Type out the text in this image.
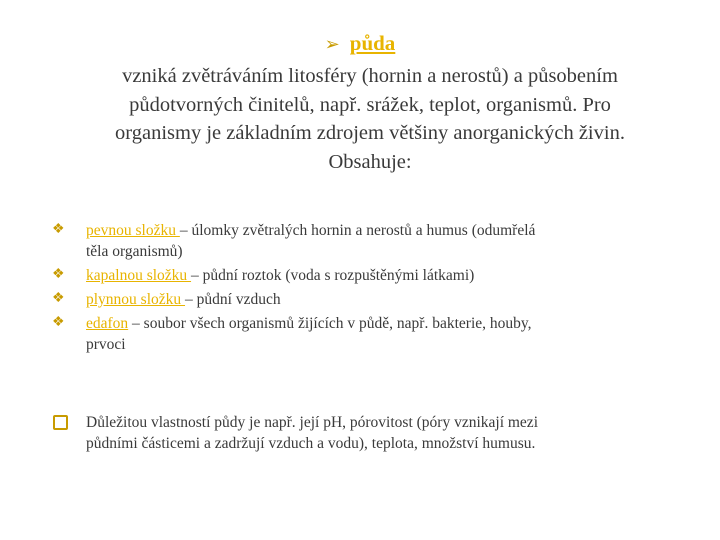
➢ půda
vzniká zvětráváním litosféry (hornin a nerostů) a působením
půdotvorných činitelů, např. srážek, teplot, organismů. Pro
organismy je základním zdrojem většiny anorganických živin.
Obsahuje:
❖ pevnou složku – úlomky zvětralých hornin a nerostů a humus (odumřelá
těla organismů)
❖ kapalnou složku – půdní roztok (voda s rozpuštěnými látkami)
❖ plynnou složku – půdní vzduch
❖ edafon – soubor všech organismů žijících v půdě, např. bakterie, houby,
prvoci
Důležitou vlastností půdy je např. její pH, pórovitost (póry vznikají mezi
půdními částicemi a zadržují vzduch a vodu), teplota, množství humusu.
